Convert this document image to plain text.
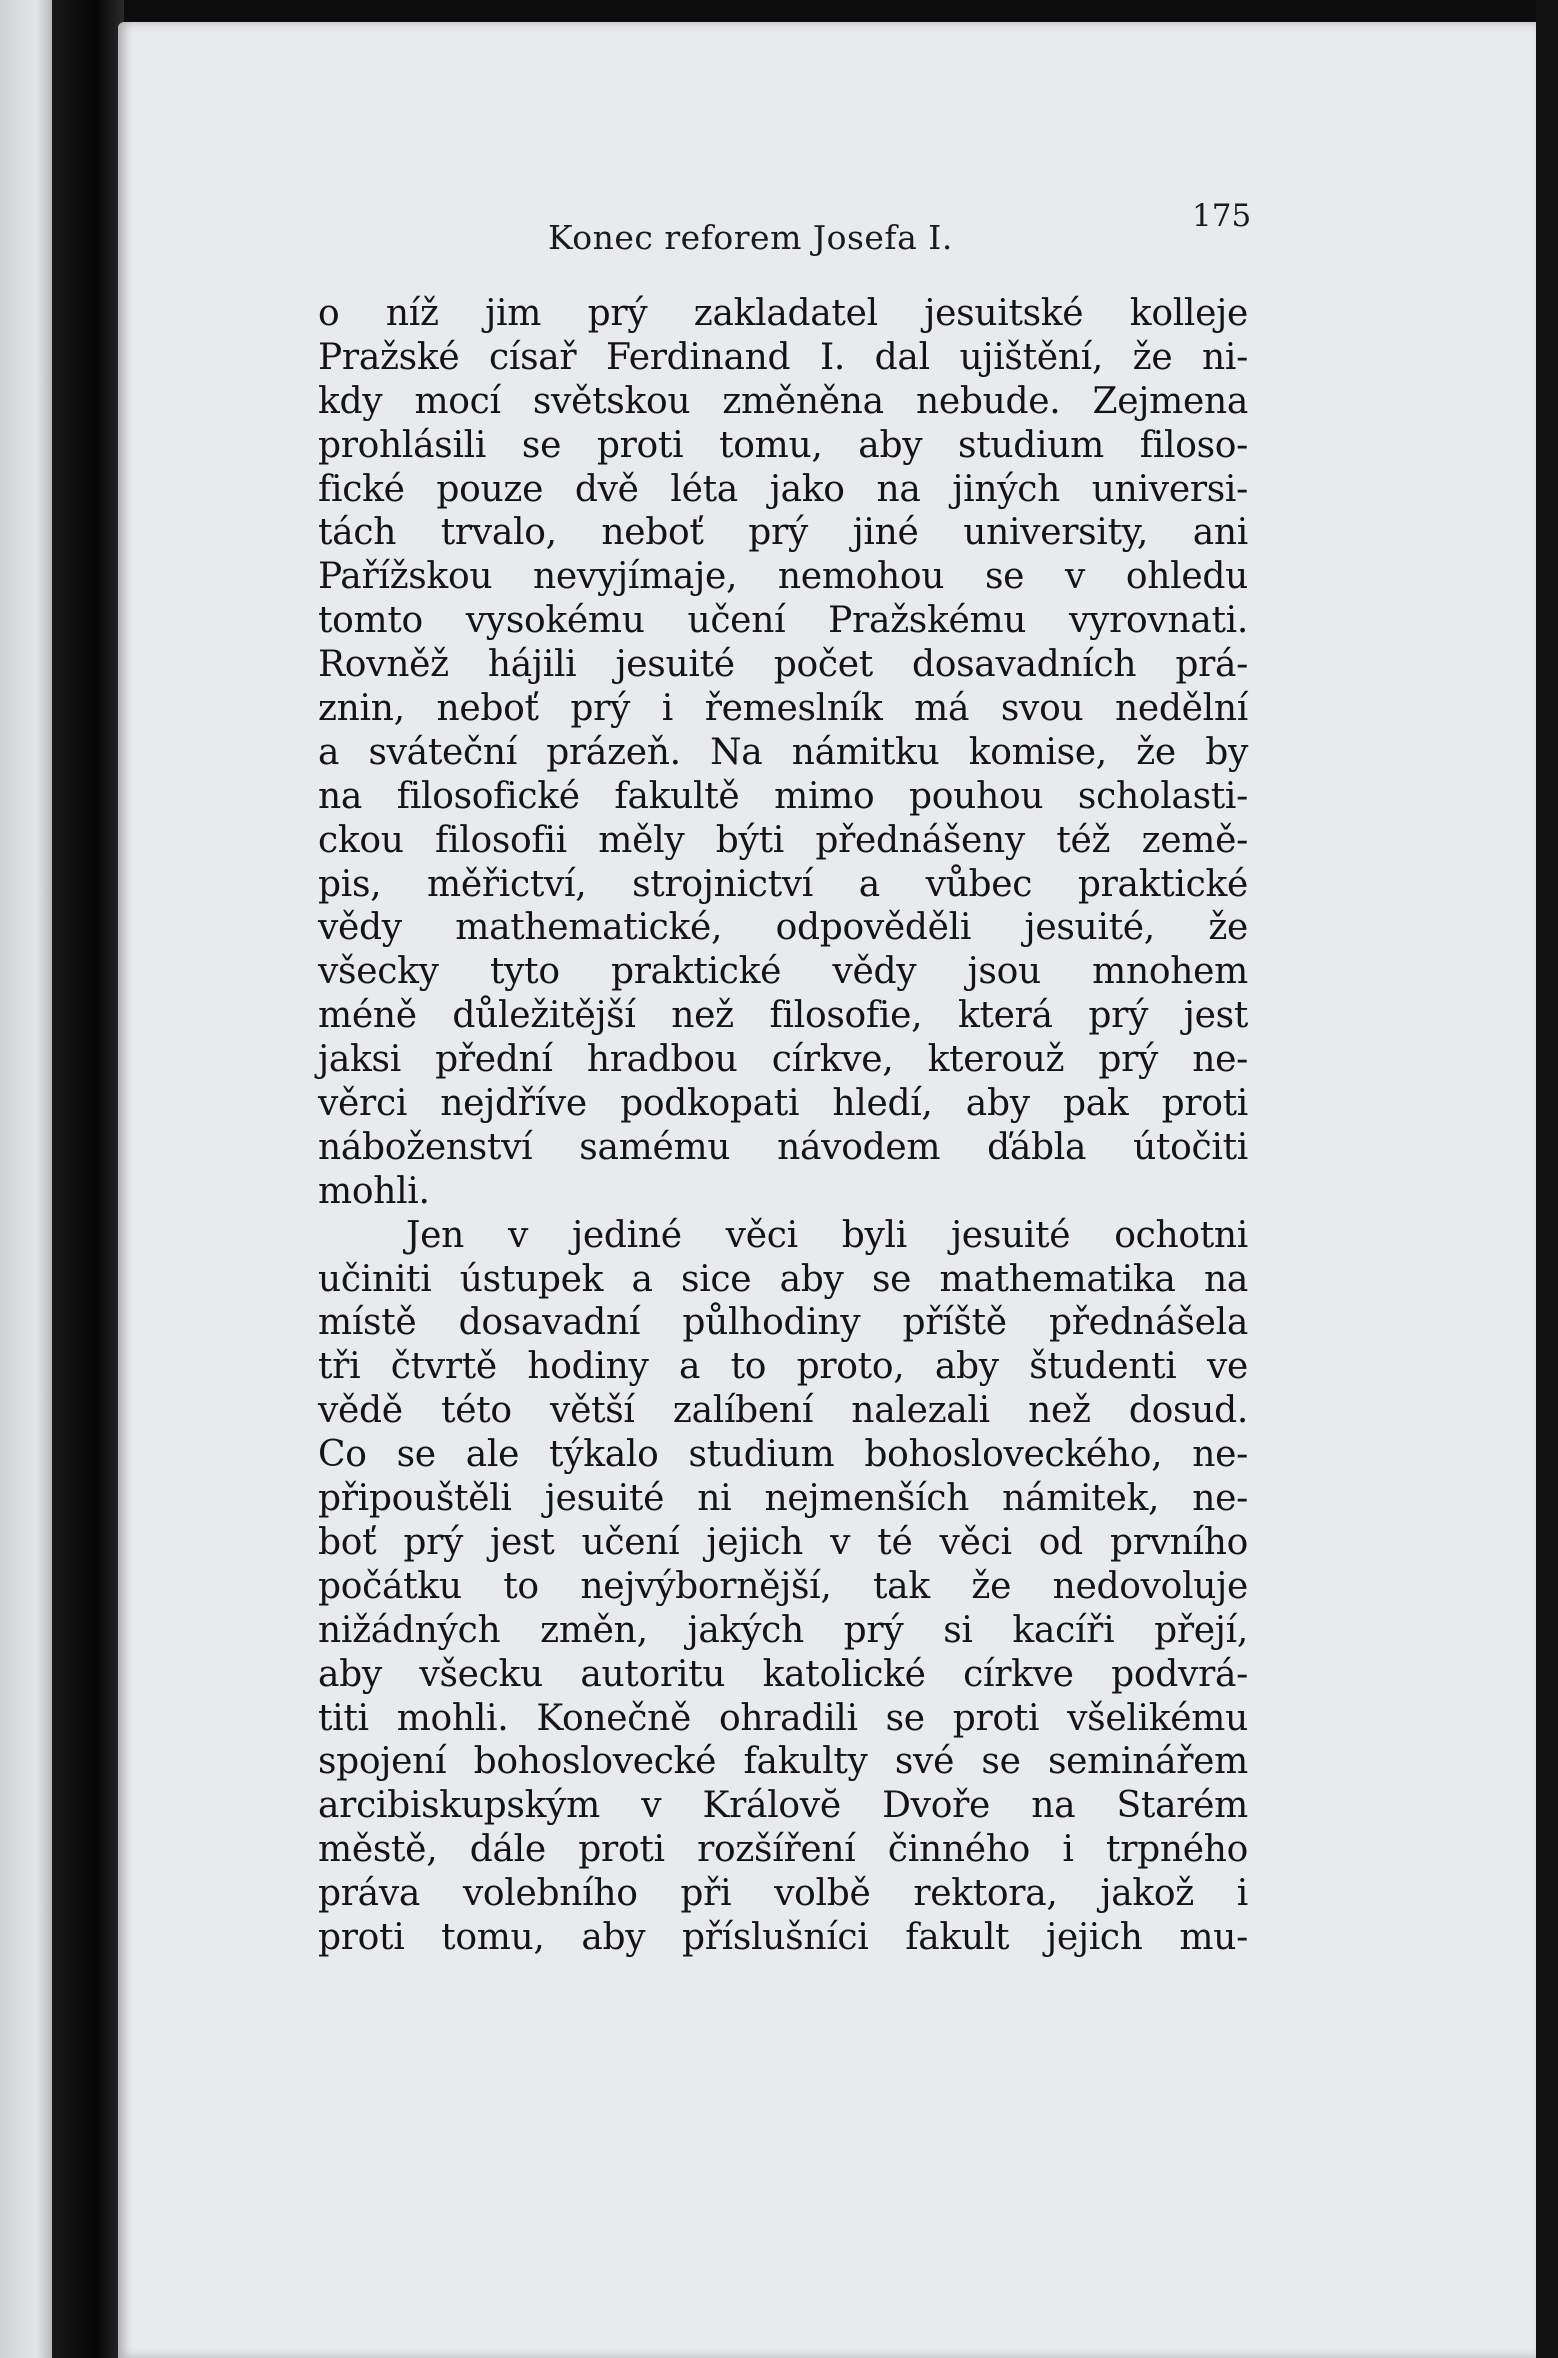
Konec reforem Josefa I.
175
o níž jim prý zakladatel jesuitské kolleje
Pražské císař Ferdinand I. dal ujištění, že ni-
kdy mocí světskou změněna nebude. Zejmena
prohlásili se proti tomu, aby studium filoso-
fické pouze dvě léta jako na jiných universi-
tách trvalo, neboť prý jiné university, ani
Pařížskou nevyjímaje, nemohou se v ohledu
tomto vysokému učení Pražskému vyrovnati.
Rovněž hájili jesuité počet dosavadních prá-
znin, neboť prý i řemeslník má svou nedělní
a sváteční prázeň. Na námitku komise, že by
na filosofické fakultě mimo pouhou scholasti-
ckou filosofii měly býti přednášeny též země-
pis, měřictví, strojnictví a vůbec praktické
vědy mathematické, odpověděli jesuité, že
všecky tyto praktické vědy jsou mnohem
méně důležitější než filosofie, která prý jest
jaksi přední hradbou církve, kterouž prý ne-
věrci nejdříve podkopati hledí, aby pak proti
náboženství samému návodem ďábla útočiti
mohli.
Jen v jediné věci byli jesuité ochotni
učiniti ústupek a sice aby se mathematika na
místě dosavadní půlhodiny příště přednášela
tři čtvrtě hodiny a to proto, aby študenti ve
vědě této větší zalíbení nalezali než dosud.
Co se ale týkalo studium bohosloveckého, ne-
připouštěli jesuité ni nejmenších námitek, ne-
boť prý jest učení jejich v té věci od prvního
počátku to nejvýbornější, tak že nedovoluje
nižádných změn, jakých prý si kacíři přejí,
aby všecku autoritu katolické církve podvrá-
titi mohli. Konečně ohradili se proti všelikému
spojení bohoslovecké fakulty své se seminářem
arcibiskupským v Královĕ Dvoře na Starém
městě, dále proti rozšíření činného i trpného
práva volebního při volbě rektora, jakož i
proti tomu, aby příslušníci fakult jejich mu-
